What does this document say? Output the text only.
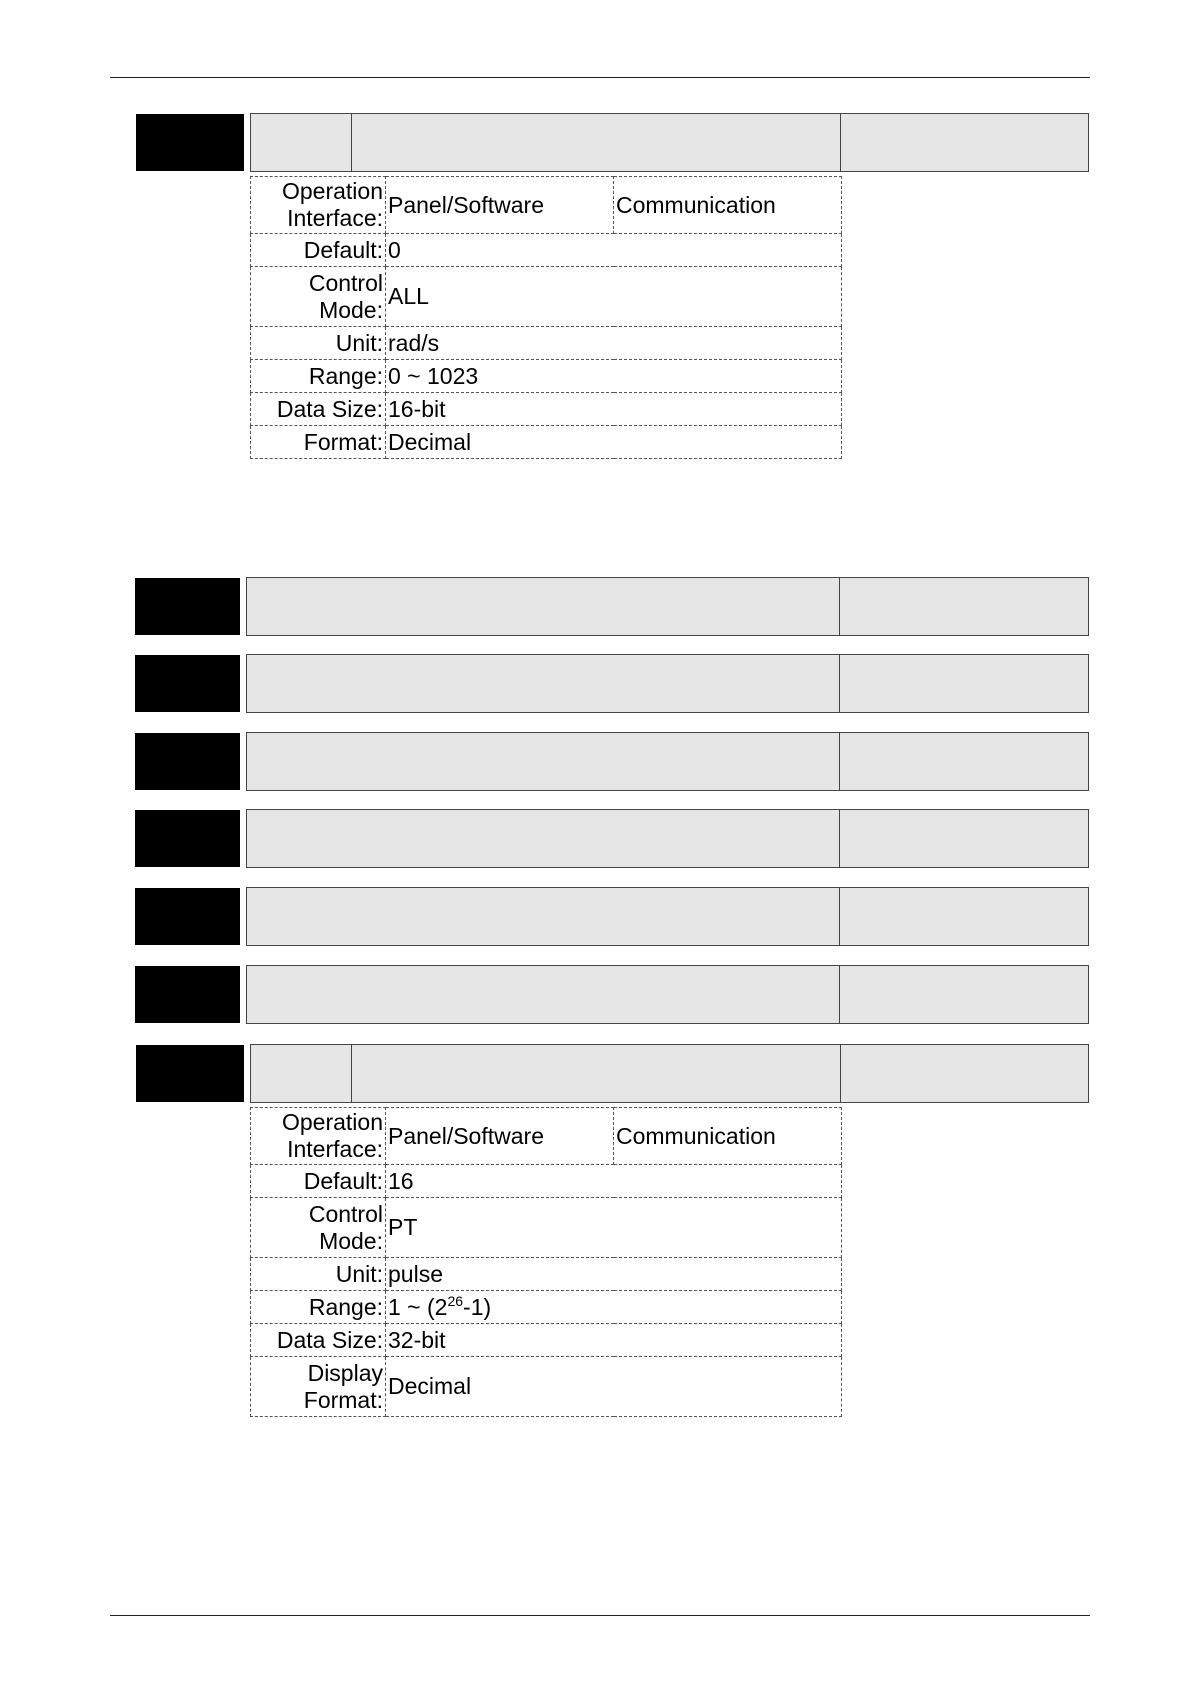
Operation Interface:	Panel/Software	Communication
Default:	0	
Control Mode:	ALL	
Unit:	rad/s	
Range:	0 ~ 1023	
Data Size:	16-bit	
Format:	Decimal	
Operation Interface:	Panel/Software	Communication
Default:	16	
Control Mode:	PT	
Unit:	pulse	
Range:	1 ~ $(2^{26}-1)$	
Data Size:	32-bit	
Display Format:	Decimal	
